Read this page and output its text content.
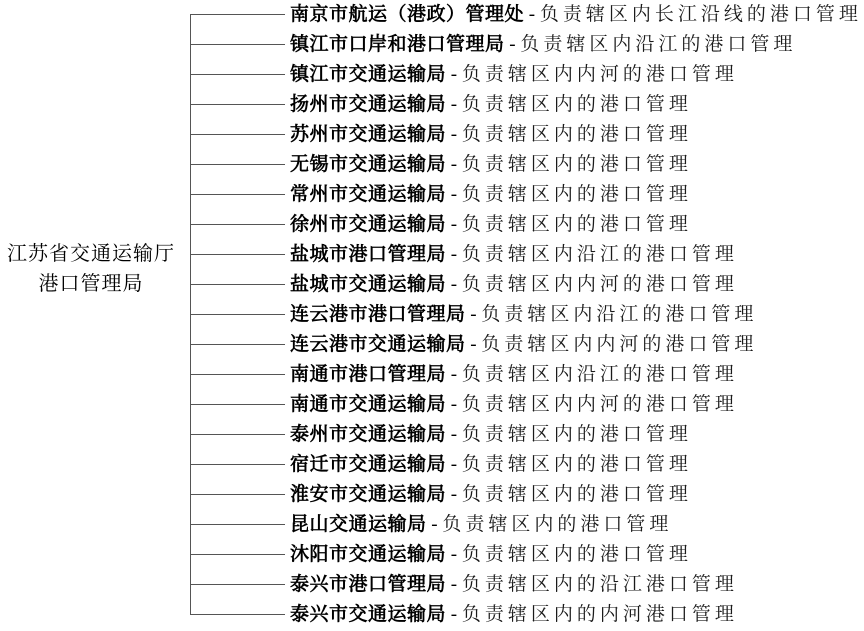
江苏省交通运输厅
港口管理局
南京市航运（港政）管理处 - 负责辖区内长江沿线的港口管理
镇江市口岸和港口管理局 - 负责辖区内沿江的港口管理
镇江市交通运输局 - 负责辖区内内河的港口管理
扬州市交通运输局 - 负责辖区内的港口管理
苏州市交通运输局 - 负责辖区内的港口管理
无锡市交通运输局 - 负责辖区内的港口管理
常州市交通运输局 - 负责辖区内的港口管理
徐州市交通运输局 - 负责辖区内的港口管理
盐城市港口管理局 - 负责辖区内沿江的港口管理
盐城市交通运输局 - 负责辖区内内河的港口管理
连云港市港口管理局 - 负责辖区内沿江的港口管理
连云港市交通运输局 - 负责辖区内内河的港口管理
南通市港口管理局 - 负责辖区内沿江的港口管理
南通市交通运输局 - 负责辖区内内河的港口管理
泰州市交通运输局 - 负责辖区内的港口管理
宿迁市交通运输局 - 负责辖区内的港口管理
淮安市交通运输局 - 负责辖区内的港口管理
昆山交通运输局 - 负责辖区内的港口管理
沐阳市交通运输局 - 负责辖区内的港口管理
泰兴市港口管理局 - 负责辖区内的沿江港口管理
泰兴市交通运输局 - 负责辖区内的内河港口管理
